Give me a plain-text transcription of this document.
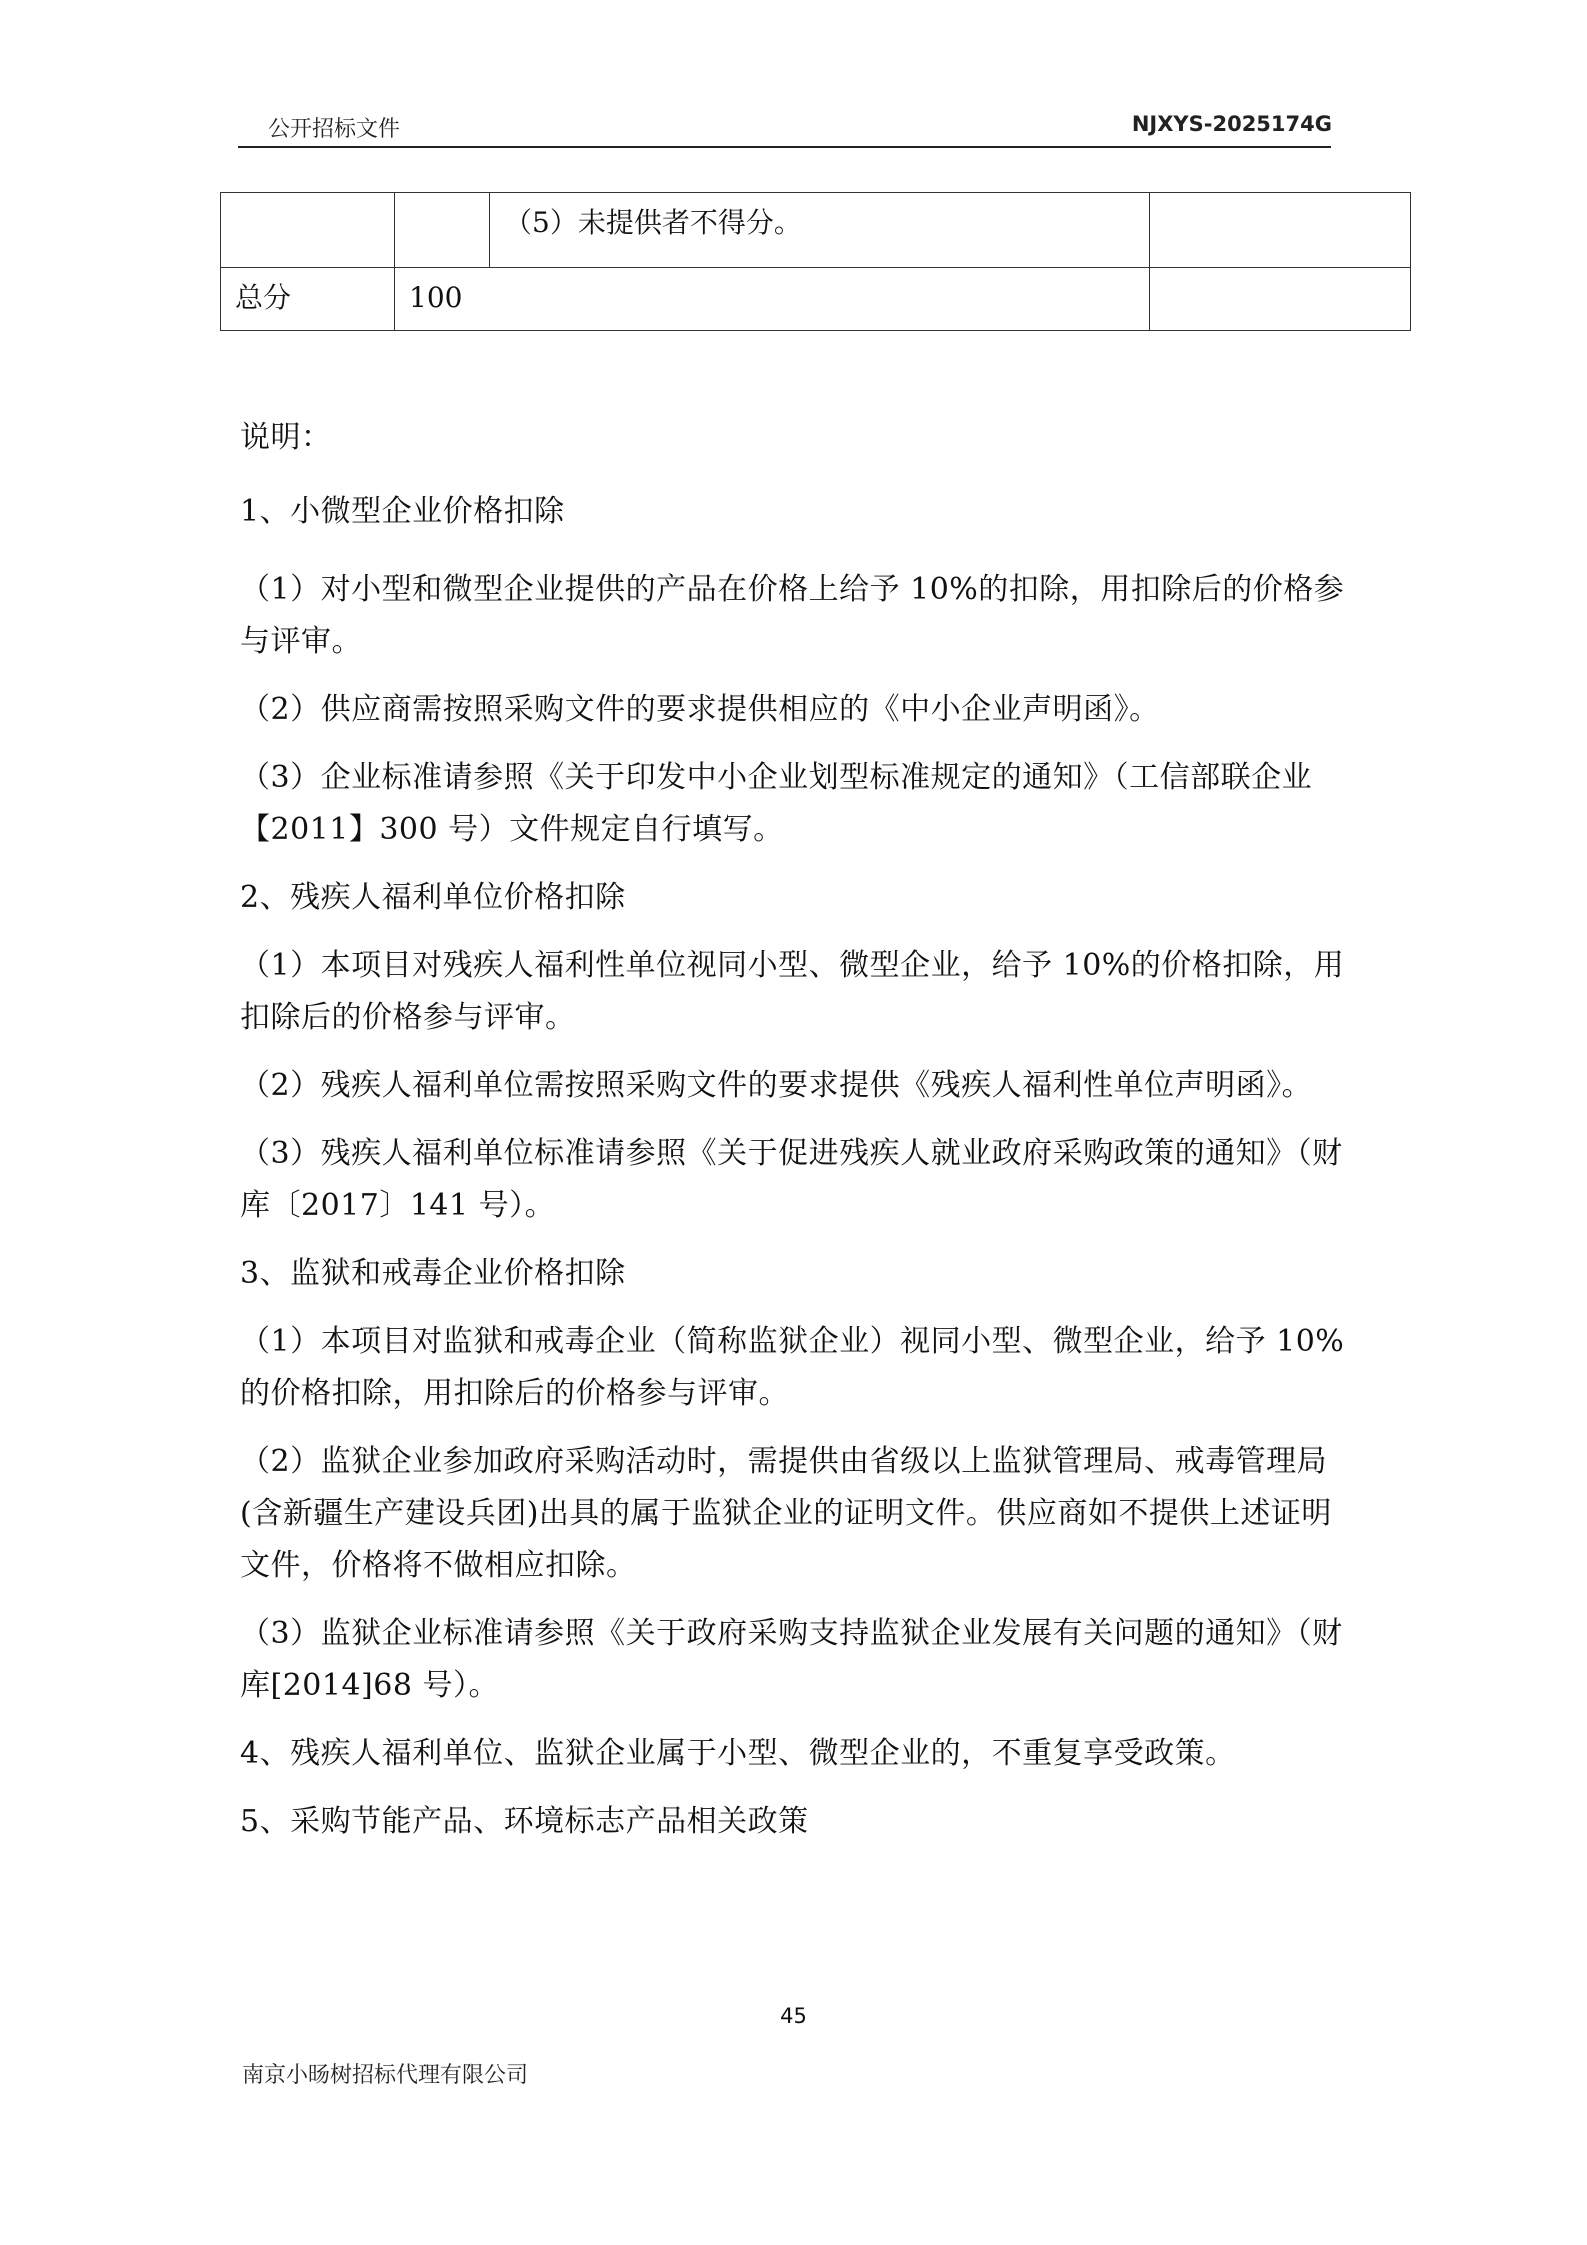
公开招标文件	NJXYS-2025174G
		（5）未提供者不得分。	
总分	100		

说明：

1、小微型企业价格扣除

（1）对小型和微型企业提供的产品在价格上给予 10%的扣除，用扣除后的价格参与评审。

（2）供应商需按照采购文件的要求提供相应的《中小企业声明函》。

（3）企业标准请参照《关于印发中小企业划型标准规定的通知》（工信部联企业【2011】300 号）文件规定自行填写。

2、残疾人福利单位价格扣除

（1）本项目对残疾人福利性单位视同小型、微型企业，给予 10%的价格扣除，用扣除后的价格参与评审。

（2）残疾人福利单位需按照采购文件的要求提供《残疾人福利性单位声明函》。

（3）残疾人福利单位标准请参照《关于促进残疾人就业政府采购政策的通知》（财库〔2017〕141 号）。

3、监狱和戒毒企业价格扣除

（1）本项目对监狱和戒毒企业（简称监狱企业）视同小型、微型企业，给予 10%的价格扣除，用扣除后的价格参与评审。

（2）监狱企业参加政府采购活动时，需提供由省级以上监狱管理局、戒毒管理局(含新疆生产建设兵团)出具的属于监狱企业的证明文件。供应商如不提供上述证明文件，价格将不做相应扣除。

（3）监狱企业标准请参照《关于政府采购支持监狱企业发展有关问题的通知》（财库[2014]68 号）。

4、残疾人福利单位、监狱企业属于小型、微型企业的，不重复享受政策。

5、采购节能产品、环境标志产品相关政策

45
南京小旸树招标代理有限公司
